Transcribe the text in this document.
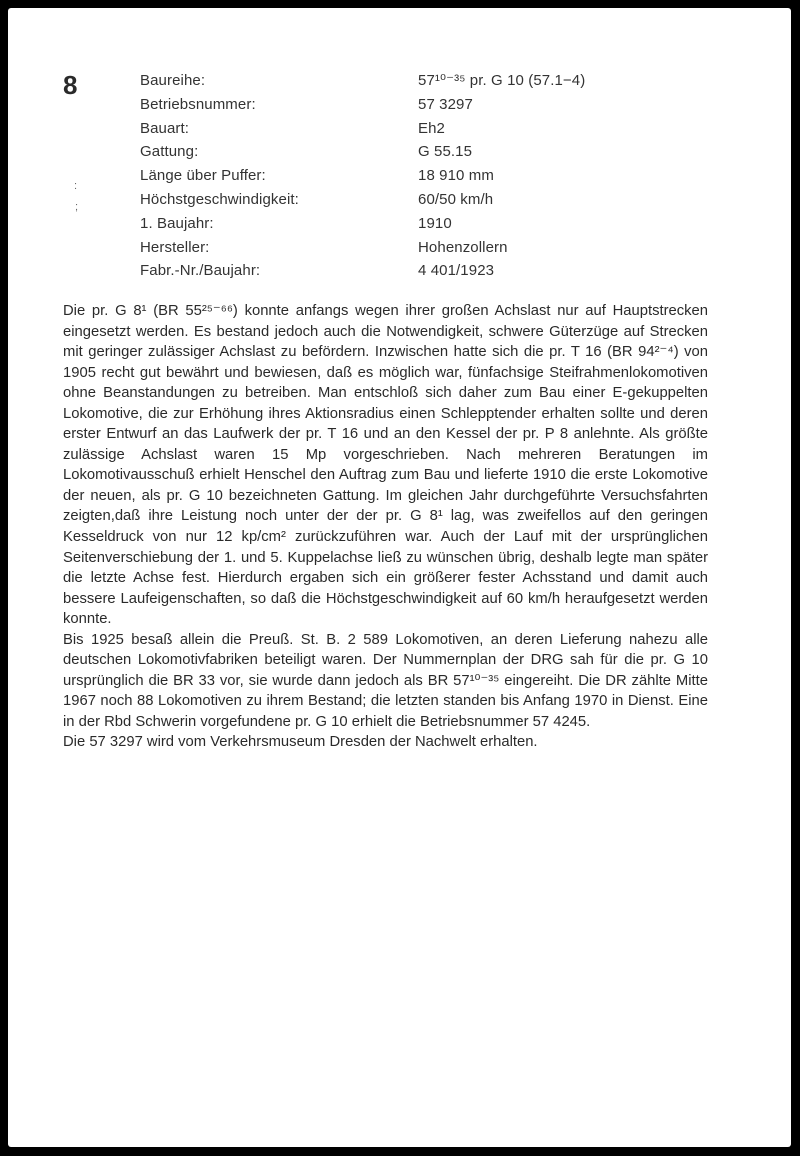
8
:
;
Baureihe:	57¹⁰⁻³⁵ pr. G 10 (57.1−4)
Betriebsnummer:	57 3297
Bauart:	Eh2
Gattung:	G 55.15
Länge über Puffer:	18 910 mm
Höchstgeschwindigkeit:	60/50 km/h
1. Baujahr:	1910
Hersteller:	Hohenzollern
Fabr.-Nr./Baujahr:	4 401/1923

Die pr. G 8¹ (BR 55²⁵⁻⁶⁶) konnte anfangs wegen ihrer großen Achslast nur auf Hauptstrecken eingesetzt werden. Es bestand jedoch auch die Notwendigkeit, schwere Güterzüge auf Strecken mit geringer zulässiger Achslast zu befördern. Inzwischen hatte sich die pr. T 16 (BR 94²⁻⁴) von 1905 recht gut bewährt und bewiesen, daß es möglich war, fünfachsige Steifrahmenlokomotiven ohne Beanstandungen zu betreiben. Man entschloß sich daher zum Bau einer E-gekuppelten Lokomotive, die zur Erhöhung ihres Aktionsradius einen Schlepptender erhalten sollte und deren erster Entwurf an das Laufwerk der pr. T 16 und an den Kessel der pr. P 8 anlehnte. Als größte zulässige Achslast waren 15 Mp vorgeschrieben. Nach mehreren Beratungen im Lokomotivausschuß erhielt Henschel den Auftrag zum Bau und lieferte 1910 die erste Lokomotive der neuen, als pr. G 10 bezeichneten Gattung. Im gleichen Jahr durchgeführte Versuchsfahrten zeigten,daß ihre Leistung noch unter der der pr. G 8¹ lag, was zweifellos auf den geringen Kesseldruck von nur 12 kp/cm² zurückzuführen war. Auch der Lauf mit der ursprünglichen Seitenverschiebung der 1. und 5. Kuppelachse ließ zu wünschen übrig, deshalb legte man später die letzte Achse fest. Hierdurch ergaben sich ein größerer fester Achsstand und damit auch bessere Laufeigenschaften, so daß die Höchstgeschwindigkeit auf 60 km/h heraufgesetzt werden konnte.

Bis 1925 besaß allein die Preuß. St. B. 2 589 Lokomotiven, an deren Lieferung nahezu alle deutschen Lokomotivfabriken beteiligt waren. Der Nummernplan der DRG sah für die pr. G 10 ursprünglich die BR 33 vor, sie wurde dann jedoch als BR 57¹⁰⁻³⁵ eingereiht. Die DR zählte Mitte 1967 noch 88 Lokomotiven zu ihrem Bestand; die letzten standen bis Anfang 1970 in Dienst. Eine in der Rbd Schwerin vorgefundene pr. G 10 erhielt die Betriebsnummer 57 4245.

Die 57 3297 wird vom Verkehrsmuseum Dresden der Nachwelt erhalten.
